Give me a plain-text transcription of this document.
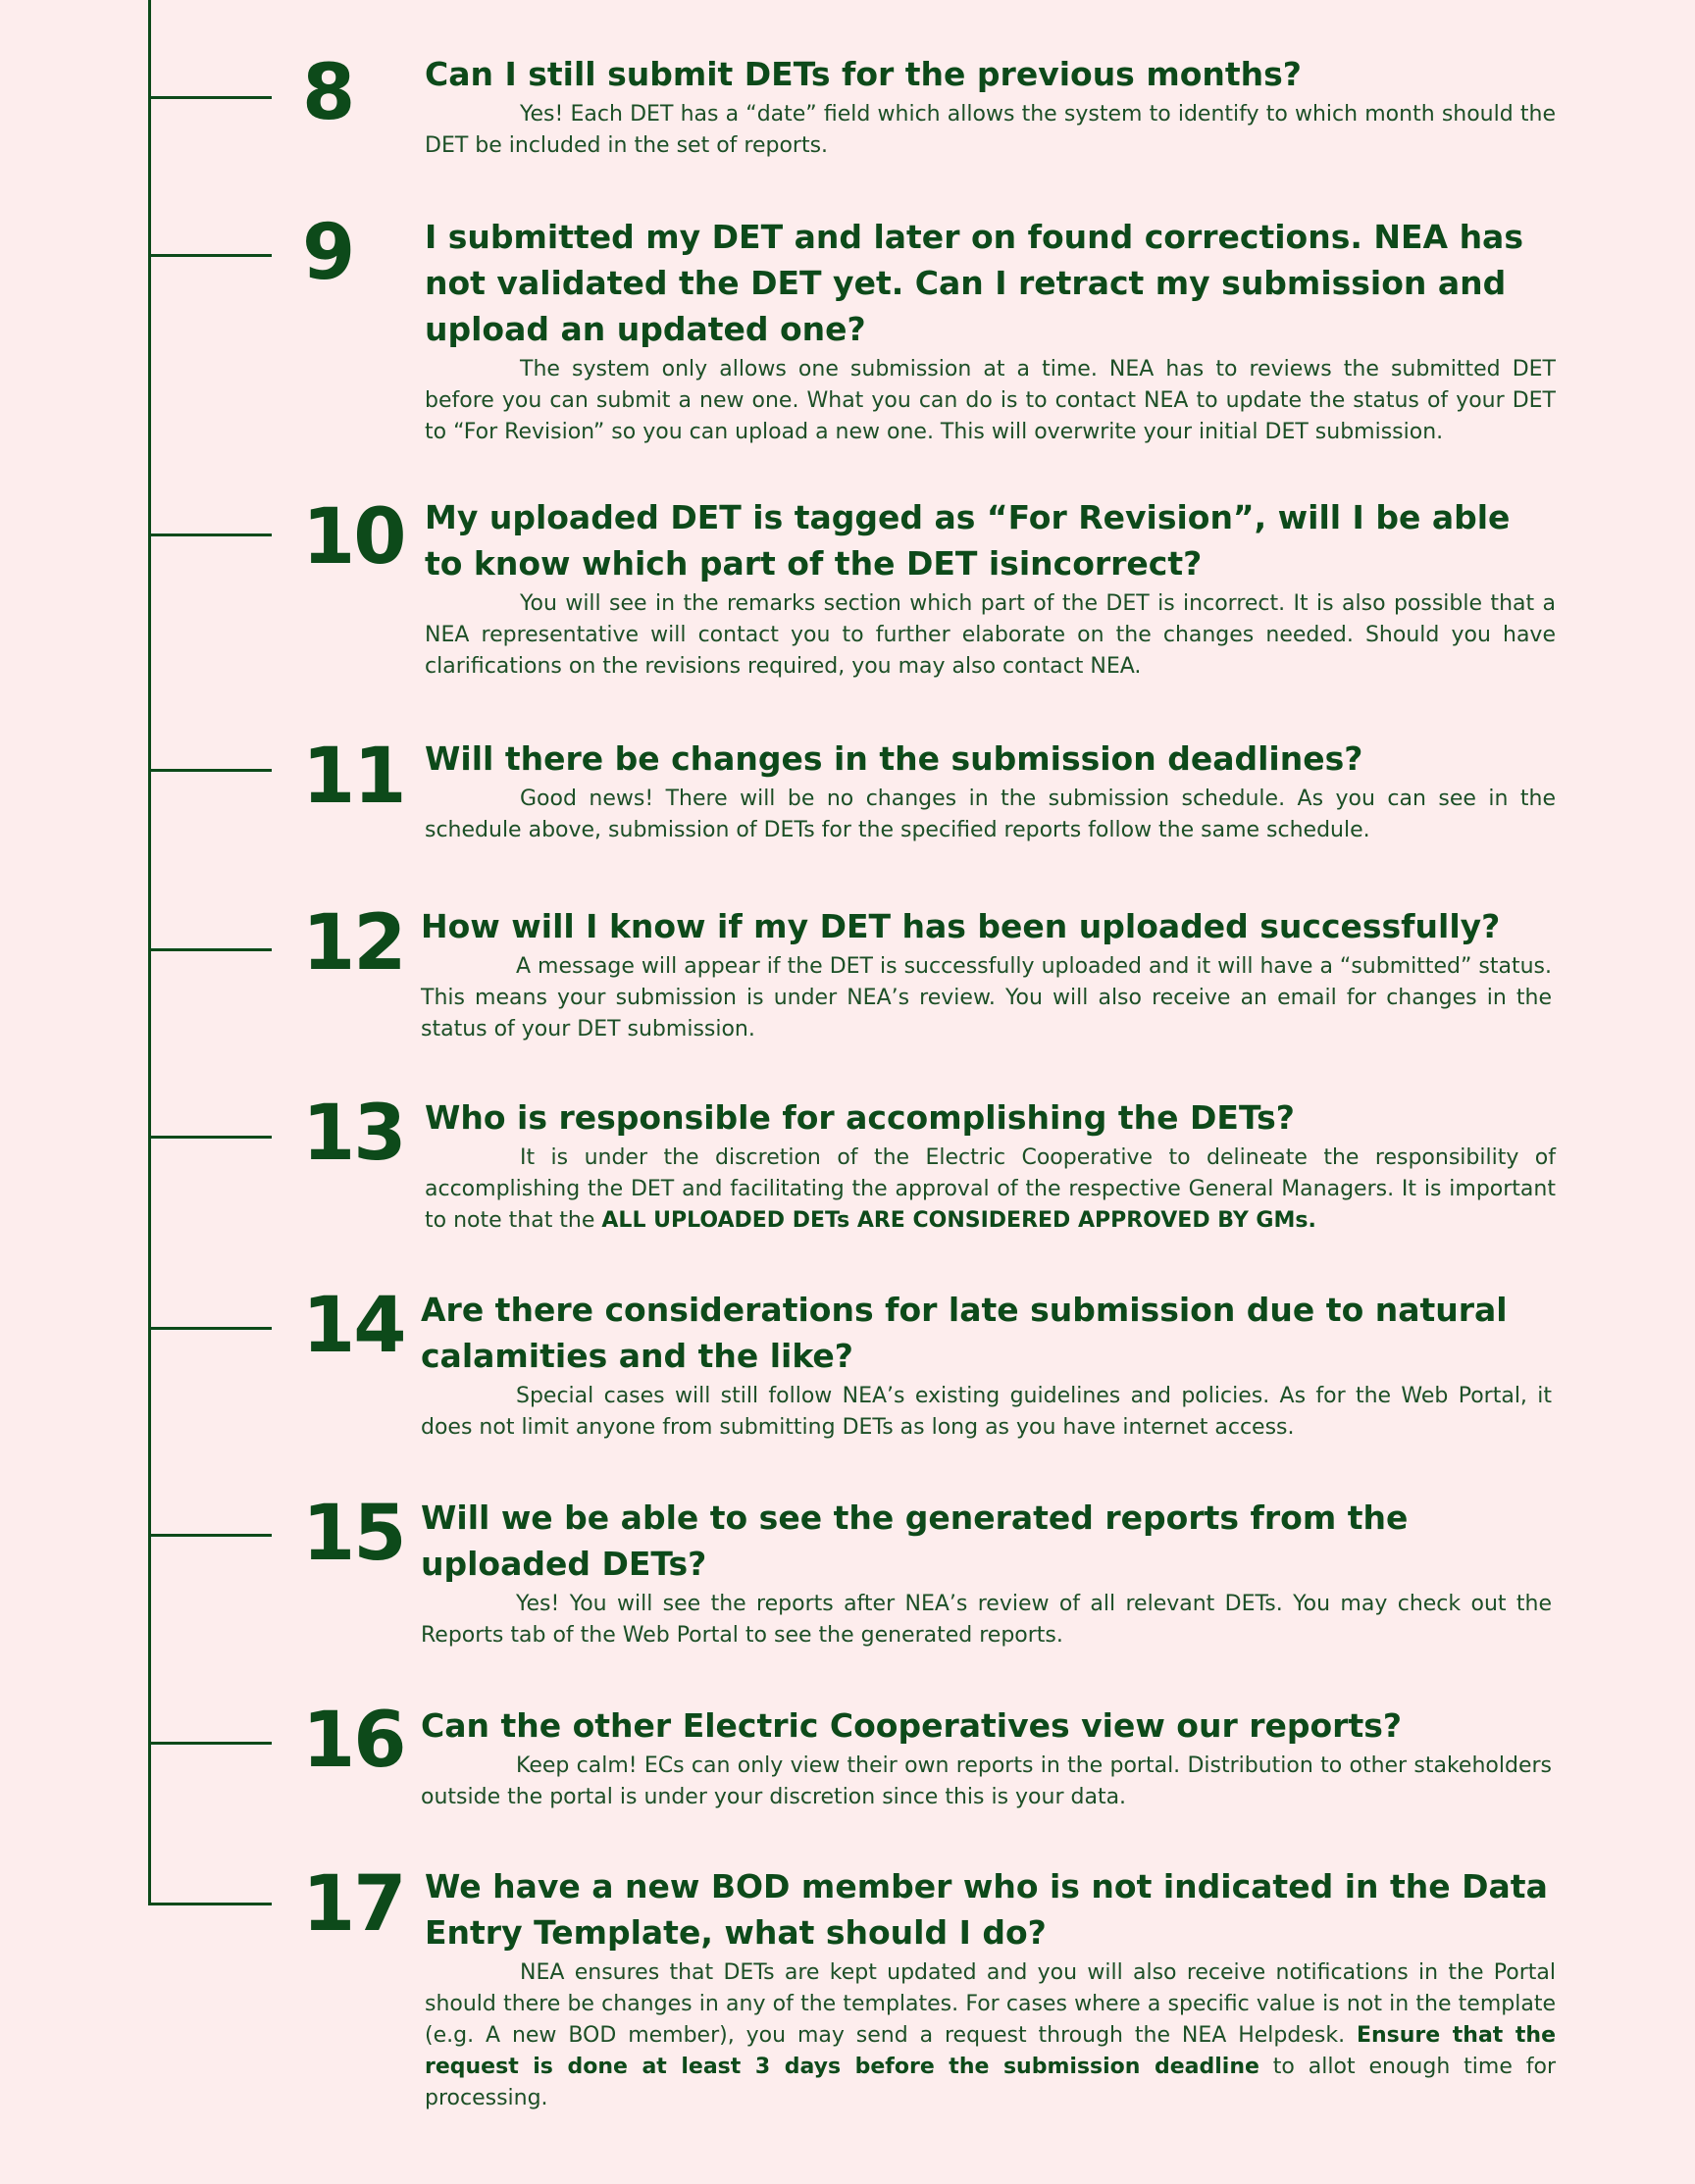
8 Can I still submit DETs for the previous months?

Yes! Each DET has a “date” field which allows the system to identify to which month should the DET be included in the set of reports.

9 I submitted my DET and later on found corrections. NEA has not validated the DET yet. Can I retract my submission and upload an updated one?

The system only allows one submission at a time. NEA has to reviews the submitted DET before you can submit a new one. What you can do is to contact NEA to update the status of your DET to “For Revision” so you can upload a new one. This will overwrite your initial DET submission.

10 My uploaded DET is tagged as “For Revision”, will I be able to know which part of the DET isincorrect?

You will see in the remarks section which part of the DET is incorrect. It is also possible that a NEA representative will contact you to further elaborate on the changes needed. Should you have clarifications on the revisions required, you may also contact NEA.

11 Will there be changes in the submission deadlines?

Good news! There will be no changes in the submission schedule. As you can see in the schedule above, submission of DETs for the specified reports follow the same schedule.

12 How will I know if my DET has been uploaded successfully?

A message will appear if the DET is successfully uploaded and it will have a “submitted” status. This means your submission is under NEA’s review. You will also receive an email for changes in the status of your DET submission.

13 Who is responsible for accomplishing the DETs?

It is under the discretion of the Electric Cooperative to delineate the responsibility of accomplishing the DET and facilitating the approval of the respective General Managers. It is important to note that the ALL UPLOADED DETs ARE CONSIDERED APPROVED BY GMs.

14 Are there considerations for late submission due to natural calamities and the like?

Special cases will still follow NEA’s existing guidelines and policies. As for the Web Portal, it does not limit anyone from submitting DETs as long as you have internet access.

15 Will we be able to see the generated reports from the uploaded DETs?

Yes! You will see the reports after NEA’s review of all relevant DETs. You may check out the Reports tab of the Web Portal to see the generated reports.

16 Can the other Electric Cooperatives view our reports?

Keep calm! ECs can only view their own reports in the portal. Distribution to other stakeholders outside the portal is under your discretion since this is your data.

17 We have a new BOD member who is not indicated in the Data Entry Template, what should I do?

NEA ensures that DETs are kept updated and you will also receive notifications in the Portal should there be changes in any of the templates. For cases where a specific value is not in the template (e.g. A new BOD member), you may send a request through the NEA Helpdesk. Ensure that the request is done at least 3 days before the submission deadline to allot enough time for processing.
